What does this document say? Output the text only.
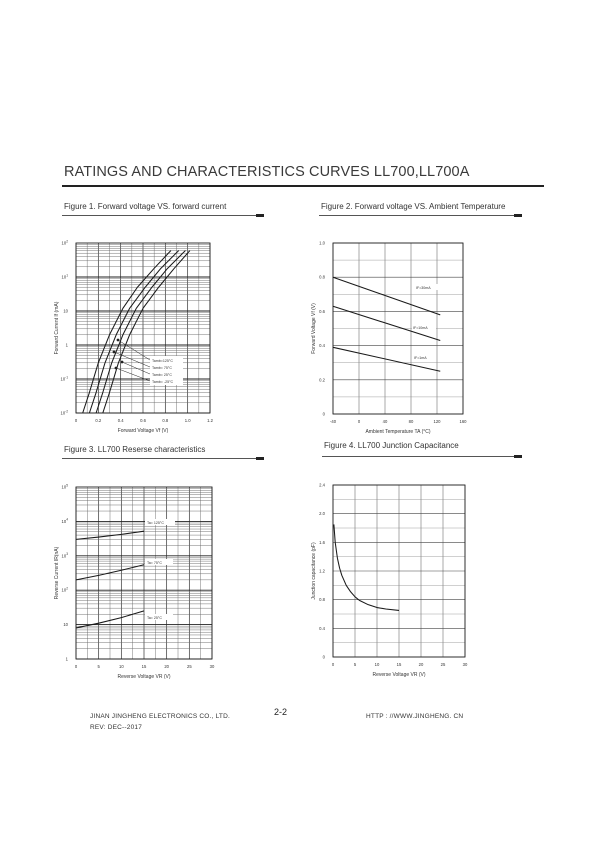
RATINGS AND CHARACTERISTICS CURVES LL700,LL700A
Figure 1. Forward voltage VS. forward current	Figure 2. Forward voltage VS. Ambient Temperature
Figure 3. LL700 Reserse characteristics	Figure 4. LL700 Junction Capacitance
0	0.2	0.4	0.6	0.8	1.0	1.2
$10^2$
$10^1$
10
1
$10^{-1}$
$10^{-2}$
Forward Voltage Vf (V)
Forward Current If (mA)
-40	0	40	80	120	160
0
0.2
0.4
0.6
0.8
1.0
Ambient Temperature TA (°C)
Forward Voltage Vf (V)
0	5	10	15	20	25	30
$10^5$
$10^4$
$10^3$
$10^2$
10
1
Reverse Voltage VR (V)
Reverse Current IR(nA)
0	5	10	15	20	25	30
0
0.4
0.8
1.2
1.6
2.0
2.4
Reverse Voltage VR (V)
Junction capacitance (pF)
Tamb=125°C
Tamb= 75°C
Tamb= 25°C
Tamb= -25°C
IF=30mA
IF=10mA
IF=1mA
Ta= 125°C
Ta= 75°C
Ta= 25°C
JINAN JINGHENG ELECTRONICS CO., LTD.
REV: DEC--2017
2-2	HTTP : //WWW.JINGHENG. CN
